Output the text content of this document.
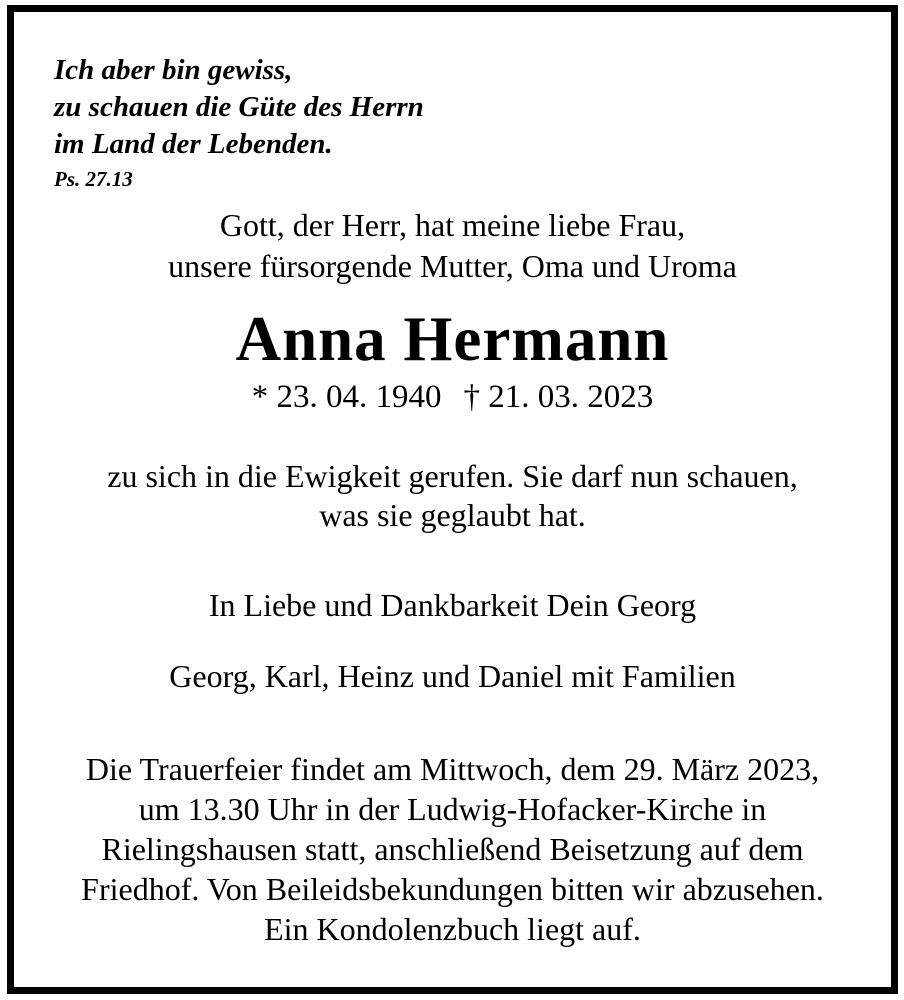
Ich aber bin gewiss,
zu schauen die Güte des Herrn
im Land der Lebenden.
Ps. 27.13
Gott, der Herr, hat meine liebe Frau,
unsere fürsorgende Mutter, Oma und Uroma
Anna Hermann
* 23. 04. 1940 † 21. 03. 2023
zu sich in die Ewigkeit gerufen. Sie darf nun schauen,
was sie geglaubt hat.
In Liebe und Dankbarkeit Dein Georg
Georg, Karl, Heinz und Daniel mit Familien
Die Trauerfeier findet am Mittwoch, dem 29. März 2023,
um 13.30 Uhr in der Ludwig-Hofacker-Kirche in
Rielingshausen statt, anschließend Beisetzung auf dem
Friedhof. Von Beileidsbekundungen bitten wir abzusehen.
Ein Kondolenzbuch liegt auf.
